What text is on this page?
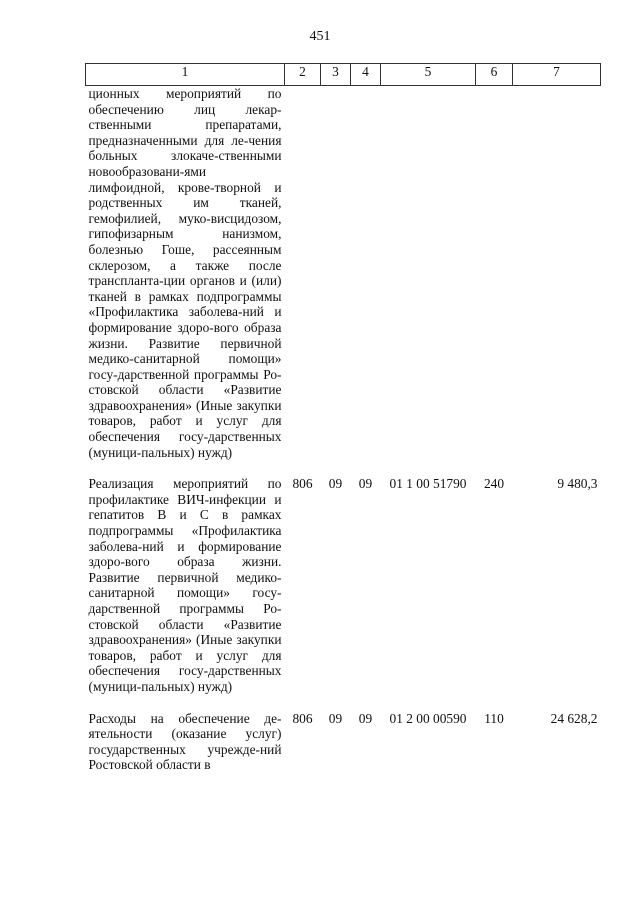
451
1	2	3	4	5	6	7
ционных мероприятий по обеспечению лиц лекар-ственными препаратами, предназначенными для ле-чения больных злокаче-ственными новообразовани-ями лимфоидной, крове-творной и родственных им тканей, гемофилией, муко-висцидозом, гипофизарным нанизмом, болезнью Гоше, рассеянным склерозом, а также после транспланта-ции органов и (или) тканей в рамках подпрограммы «Профилактика заболева-ний и формирование здоро-вого образа жизни. Развитие первичной медико-санитарной помощи» госу-дарственной программы Ро-стовской области «Развитие здравоохранения» (Иные закупки товаров, работ и услуг для обеспечения госу-дарственных (муници-пальных) нужд)						
Реализация мероприятий по профилактике ВИЧ-инфекции и гепатитов В и С в рамках подпрограммы «Профилактика заболева-ний и формирование здоро-вого образа жизни. Развитие первичной медико-санитарной помощи» госу-дарственной программы Ро-стовской области «Развитие здравоохранения» (Иные закупки товаров, работ и услуг для обеспечения госу-дарственных (муници-пальных) нужд)	806	09	09	01 1 00 51790	240	9 480,3
Расходы на обеспечение де-ятельности (оказание услуг) государственных учрежде-ний Ростовской области в	806	09	09	01 2 00 00590	110	24 628,2
